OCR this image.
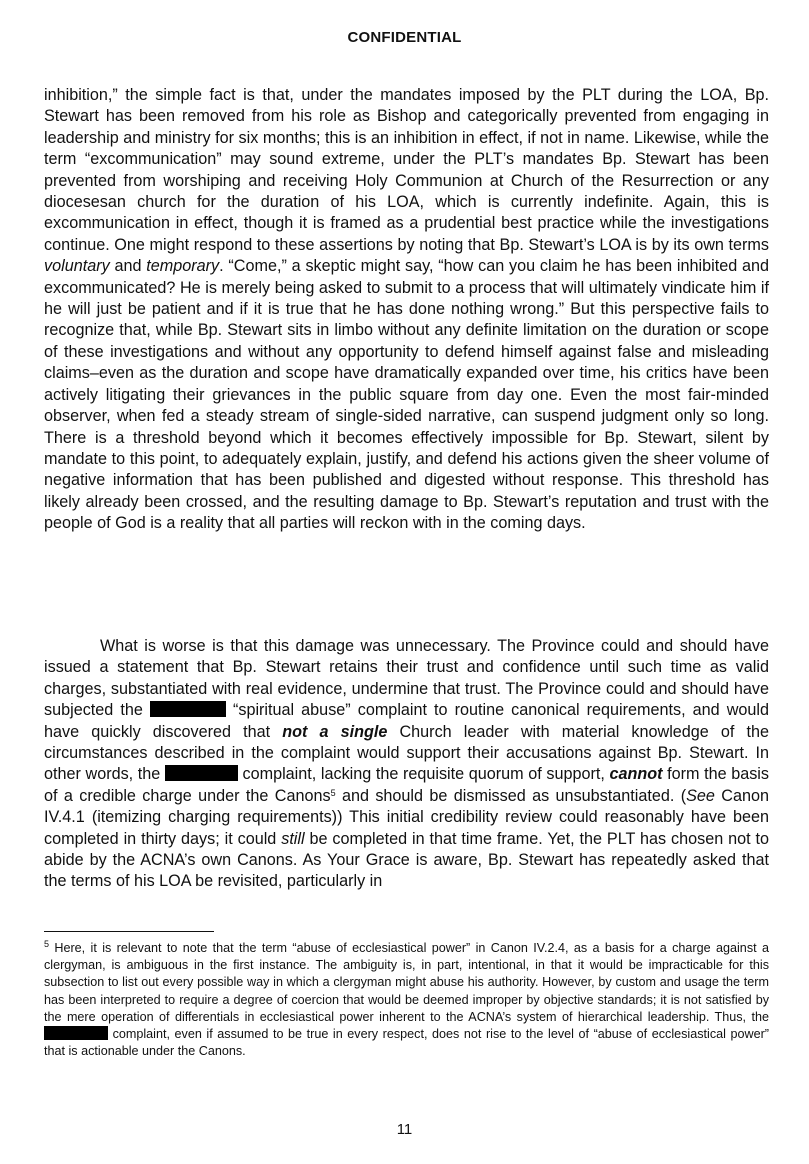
CONFIDENTIAL
inhibition,” the simple fact is that, under the mandates imposed by the PLT during the LOA, Bp. Stewart has been removed from his role as Bishop and categorically prevented from engaging in leadership and ministry for six months; this is an inhibition in effect, if not in name. Likewise, while the term “excommunication” may sound extreme, under the PLT’s mandates Bp. Stewart has been prevented from worshiping and receiving Holy Communion at Church of the Resurrection or any diocesesan church for the duration of his LOA, which is currently indefinite. Again, this is excommunication in effect, though it is framed as a prudential best practice while the investigations continue. One might respond to these assertions by noting that Bp. Stewart’s LOA is by its own terms voluntary and temporary. “Come,” a skeptic might say, “how can you claim he has been inhibited and excommunicated? He is merely being asked to submit to a process that will ultimately vindicate him if he will just be patient and if it is true that he has done nothing wrong.” But this perspective fails to recognize that, while Bp. Stewart sits in limbo without any definite limitation on the duration or scope of these investigations and without any opportunity to defend himself against false and misleading claims–even as the duration and scope have dramatically expanded over time, his critics have been actively litigating their grievances in the public square from day one. Even the most fair-minded observer, when fed a steady stream of single-sided narrative, can suspend judgment only so long. There is a threshold beyond which it becomes effectively impossible for Bp. Stewart, silent by mandate to this point, to adequately explain, justify, and defend his actions given the sheer volume of negative information that has been published and digested without response. This threshold has likely already been crossed, and the resulting damage to Bp. Stewart’s reputation and trust with the people of God is a reality that all parties will reckon with in the coming days.
What is worse is that this damage was unnecessary. The Province could and should have issued a statement that Bp. Stewart retains their trust and confidence until such time as valid charges, substantiated with real evidence, undermine that trust. The Province could and should have subjected the	“spiritual abuse” complaint to routine canonical requirements, and would have quickly discovered that not a single Church leader with material knowledge of the circumstances described in the complaint would support their accusations against Bp. Stewart. In other words, the	complaint, lacking the requisite quorum of support, cannot form the basis of a credible charge under the Canons$^5$ and should be dismissed as unsubstantiated. (See Canon IV.4.1 (itemizing charging requirements)) This initial credibility review could reasonably have been completed in thirty days; it could still be completed in that time frame. Yet, the PLT has chosen not to abide by the ACNA’s own Canons. As Your Grace is aware, Bp. Stewart has repeatedly asked that the terms of his LOA be revisited, particularly in
$^5$ Here, it is relevant to note that the term “abuse of ecclesiastical power” in Canon IV.2.4, as a basis for a charge against a clergyman, is ambiguous in the first instance. The ambiguity is, in part, intentional, in that it would be impracticable for this subsection to list out every possible way in which a clergyman might abuse his authority. However, by custom and usage the term has been interpreted to require a degree of coercion that would be deemed improper by objective standards; it is not satisfied by the mere operation of differentials in ecclesiastical power inherent to the ACNA’s system of hierarchical leadership. Thus, the  complaint, even if assumed to be true in every respect, does not rise to the level of “abuse of ecclesiastical power” that is actionable under the Canons.
11
